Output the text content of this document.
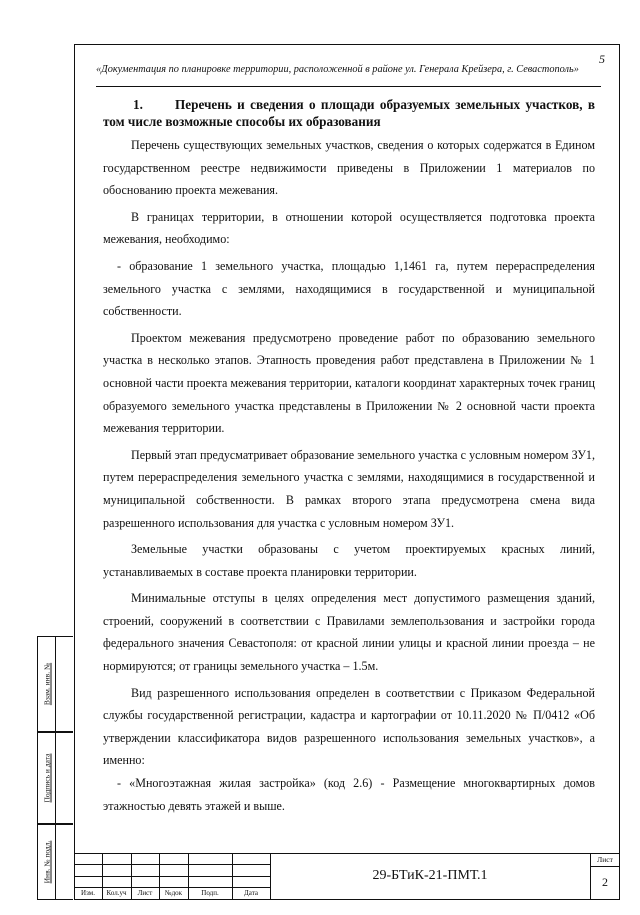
5
«Документация по планировке территории, расположенной в районе ул. Генерала Крейзера, г. Севастополь»
1. Перечень и сведения о площади образуемых земельных участков, в том числе возможные способы их образования

Перечень существующих земельных участков, сведения о которых содержатся в Едином государственном реестре недвижимости приведены в Приложении 1 материалов по обоснованию проекта межевания.

В границах территории, в отношении которой осуществляется подготовка проекта межевания, необходимо:

- образование 1 земельного участка, площадью 1,1461 га, путем перераспределения земельного участка с землями, находящимися в государственной и муниципальной собственности.

Проектом межевания предусмотрено проведение работ по образованию земельного участка в несколько этапов. Этапность проведения работ представлена в Приложении № 1 основной части проекта межевания территории, каталоги координат характерных точек границ образуемого земельного участка представлены в Приложении № 2 основной части проекта межевания территории.

Первый этап предусматривает образование земельного участка с условным номером ЗУ1, путем перераспределения земельного участка с землями, находящимися в государственной и муниципальной собственности. В рамках второго этапа предусмотрена смена вида разрешенного использования для участка с условным номером ЗУ1.

Земельные участки образованы с учетом проектируемых красных линий, устанавливаемых в составе проекта планировки территории.

Минимальные отступы в целях определения мест допустимого размещения зданий, строений, сооружений в соответствии с Правилами землепользования и застройки города федерального значения Севастополя: от красной линии улицы и красной линии проезда – не нормируются; от границы земельного участка – 1.5м.

Вид разрешенного использования определен в соответствии с Приказом Федеральной службы государственной регистрации, кадастра и картографии от 10.11.2020 № П/0412 «Об утверждении классификатора видов разрешенного использования земельных участков», а именно:

- «Многоэтажная жилая застройка» (код 2.6) - Размещение многоквартирных домов этажностью девять этажей и выше.

Взам. инв. №
Подпись и дата
Инв. № подл.
Изм.	Кол.уч	Лист	№док	Подп.	Дата
29-БТиК-21-ПМТ.1
Лист
2
